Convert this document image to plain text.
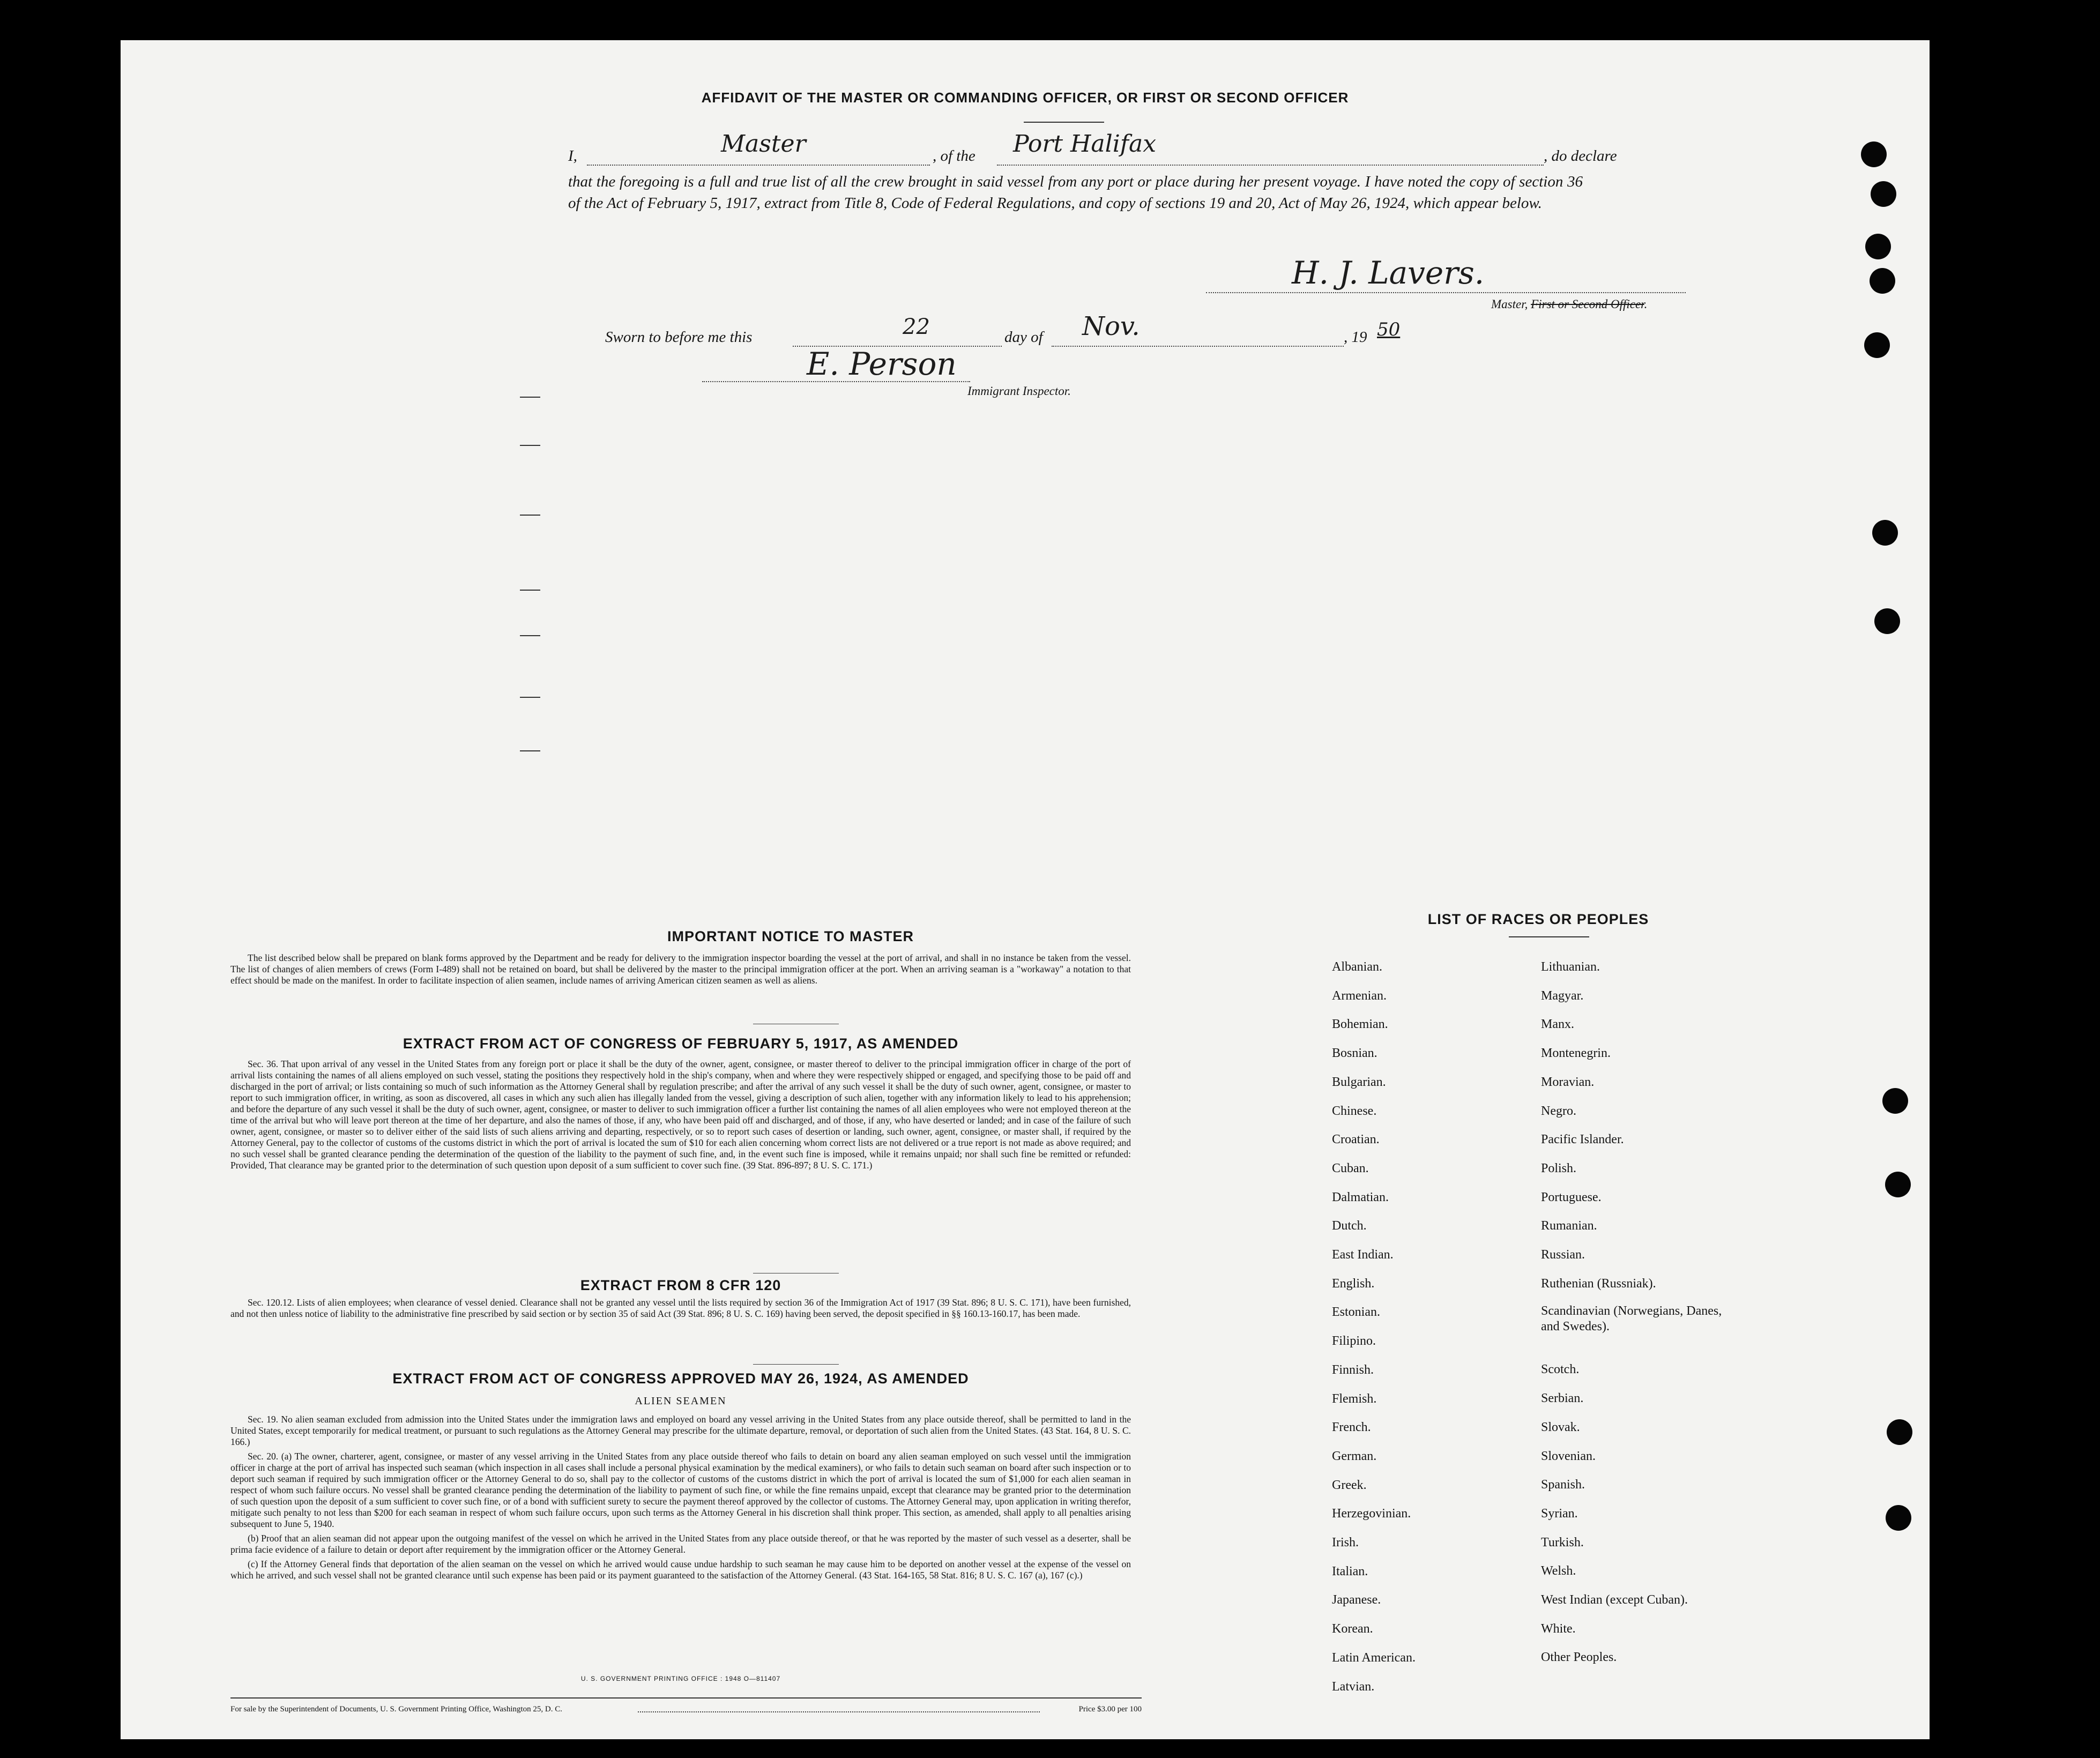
AFFIDAVIT OF THE MASTER OR COMMANDING OFFICER, OR FIRST OR SECOND OFFICER
I,	Master	, of the Port Halifax	, do declare
that the foregoing is a full and true list of all the crew brought in said vessel from any port or place during her present voyage. I have noted the copy of section 36 of the Act of February 5, 1917, extract from Title 8, Code of Federal Regulations, and copy of sections 19 and 20, Act of May 26, 1924, which appear below.
H. J. Lavers.
Master, First or Second Officer.
Sworn to before me this	22	day of Nov.	, 19 50
E. Person
Immigrant Inspector.
IMPORTANT NOTICE TO MASTER

The list described below shall be prepared on blank forms approved by the Department and be ready for delivery to the immigration inspector boarding the vessel at the port of arrival, and shall in no instance be taken from the vessel. The list of changes of alien members of crews (Form I-489) shall not be retained on board, but shall be delivered by the master to the principal immigration officer at the port. When an arriving seaman is a "workaway" a notation to that effect should be made on the manifest. In order to facilitate inspection of alien seamen, include names of arriving American citizen seamen as well as aliens.

EXTRACT FROM ACT OF CONGRESS OF FEBRUARY 5, 1917, AS AMENDED

Sec. 36. That upon arrival of any vessel in the United States from any foreign port or place it shall be the duty of the owner, agent, consignee, or master thereof to deliver to the principal immigration officer in charge of the port of arrival lists containing the names of all aliens employed on such vessel, stating the positions they respectively hold in the ship's company, when and where they were respectively shipped or engaged, and specifying those to be paid off and discharged in the port of arrival; or lists containing so much of such information as the Attorney General shall by regulation prescribe; and after the arrival of any such vessel it shall be the duty of such owner, agent, consignee, or master to report to such immigration officer, in writing, as soon as discovered, all cases in which any such alien has illegally landed from the vessel, giving a description of such alien, together with any information likely to lead to his apprehension; and before the departure of any such vessel it shall be the duty of such owner, agent, consignee, or master to deliver to such immigration officer a further list containing the names of all alien employees who were not employed thereon at the time of the arrival but who will leave port thereon at the time of her departure, and also the names of those, if any, who have been paid off and discharged, and of those, if any, who have deserted or landed; and in case of the failure of such owner, agent, consignee, or master so to deliver either of the said lists of such aliens arriving and departing, respectively, or so to report such cases of desertion or landing, such owner, agent, consignee, or master shall, if required by the Attorney General, pay to the collector of customs of the customs district in which the port of arrival is located the sum of $10 for each alien concerning whom correct lists are not delivered or a true report is not made as above required; and no such vessel shall be granted clearance pending the determination of the question of the liability to the payment of such fine, and, in the event such fine is imposed, while it remains unpaid; nor shall such fine be remitted or refunded: Provided, That clearance may be granted prior to the determination of such question upon deposit of a sum sufficient to cover such fine. (39 Stat. 896-897; 8 U. S. C. 171.)

EXTRACT FROM 8 CFR 120

Sec. 120.12. Lists of alien employees; when clearance of vessel denied. Clearance shall not be granted any vessel until the lists required by section 36 of the Immigration Act of 1917 (39 Stat. 896; 8 U. S. C. 171), have been furnished, and not then unless notice of liability to the administrative fine prescribed by said section or by section 35 of said Act (39 Stat. 896; 8 U. S. C. 169) having been served, the deposit specified in §§ 160.13-160.17, has been made.

EXTRACT FROM ACT OF CONGRESS APPROVED MAY 26, 1924, AS AMENDED
ALIEN SEAMEN

Sec. 19. No alien seaman excluded from admission into the United States under the immigration laws and employed on board any vessel arriving in the United States from any place outside thereof, shall be permitted to land in the United States, except temporarily for medical treatment, or pursuant to such regulations as the Attorney General may prescribe for the ultimate departure, removal, or deportation of such alien from the United States. (43 Stat. 164, 8 U. S. C. 166.)

Sec. 20. (a) The owner, charterer, agent, consignee, or master of any vessel arriving in the United States from any place outside thereof who fails to detain on board any alien seaman employed on such vessel until the immigration officer in charge at the port of arrival has inspected such seaman (which inspection in all cases shall include a personal physical examination by the medical examiners), or who fails to detain such seaman on board after such inspection or to deport such seaman if required by such immigration officer or the Attorney General to do so, shall pay to the collector of customs of the customs district in which the port of arrival is located the sum of $1,000 for each alien seaman in respect of whom such failure occurs. No vessel shall be granted clearance pending the determination of the liability to payment of such fine, or while the fine remains unpaid, except that clearance may be granted prior to the determination of such question upon the deposit of a sum sufficient to cover such fine, or of a bond with sufficient surety to secure the payment thereof approved by the collector of customs. The Attorney General may, upon application in writing therefor, mitigate such penalty to not less than $200 for each seaman in respect of whom such failure occurs, upon such terms as the Attorney General in his discretion shall think proper. This section, as amended, shall apply to all penalties arising subsequent to June 5, 1940.

(b) Proof that an alien seaman did not appear upon the outgoing manifest of the vessel on which he arrived in the United States from any place outside thereof, or that he was reported by the master of such vessel as a deserter, shall be prima facie evidence of a failure to detain or deport after requirement by the immigration officer or the Attorney General.

(c) If the Attorney General finds that deportation of the alien seaman on the vessel on which he arrived would cause undue hardship to such seaman he may cause him to be deported on another vessel at the expense of the vessel on which he arrived, and such vessel shall not be granted clearance until such expense has been paid or its payment guaranteed to the satisfaction of the Attorney General. (43 Stat. 164-165, 58 Stat. 816; 8 U. S. C. 167 (a), 167 (c).)

U. S. GOVERNMENT PRINTING OFFICE : 1948 O—811407
For sale by the Superintendent of Documents, U. S. Government Printing Office, Washington 25, D. C.	Price $3.00 per 100
LIST OF RACES OR PEOPLES
Albanian.
Armenian.
Bohemian.
Bosnian.
Bulgarian.
Chinese.
Croatian.
Cuban.
Dalmatian.
Dutch.
East Indian.
English.
Estonian.
Filipino.
Finnish.
Flemish.
French.
German.
Greek.
Herzegovinian.
Irish.
Italian.
Japanese.
Korean.
Latin American.
Latvian.
Lithuanian.
Magyar.
Manx.
Montenegrin.
Moravian.
Negro.
Pacific Islander.
Polish.
Portuguese.
Rumanian.
Russian.
Ruthenian (Russniak).
Scandinavian (Norwegians, Danes, and Swedes).
Scotch.
Serbian.
Slovak.
Slovenian.
Spanish.
Syrian.
Turkish.
Welsh.
West Indian (except Cuban).
White.
Other Peoples.
